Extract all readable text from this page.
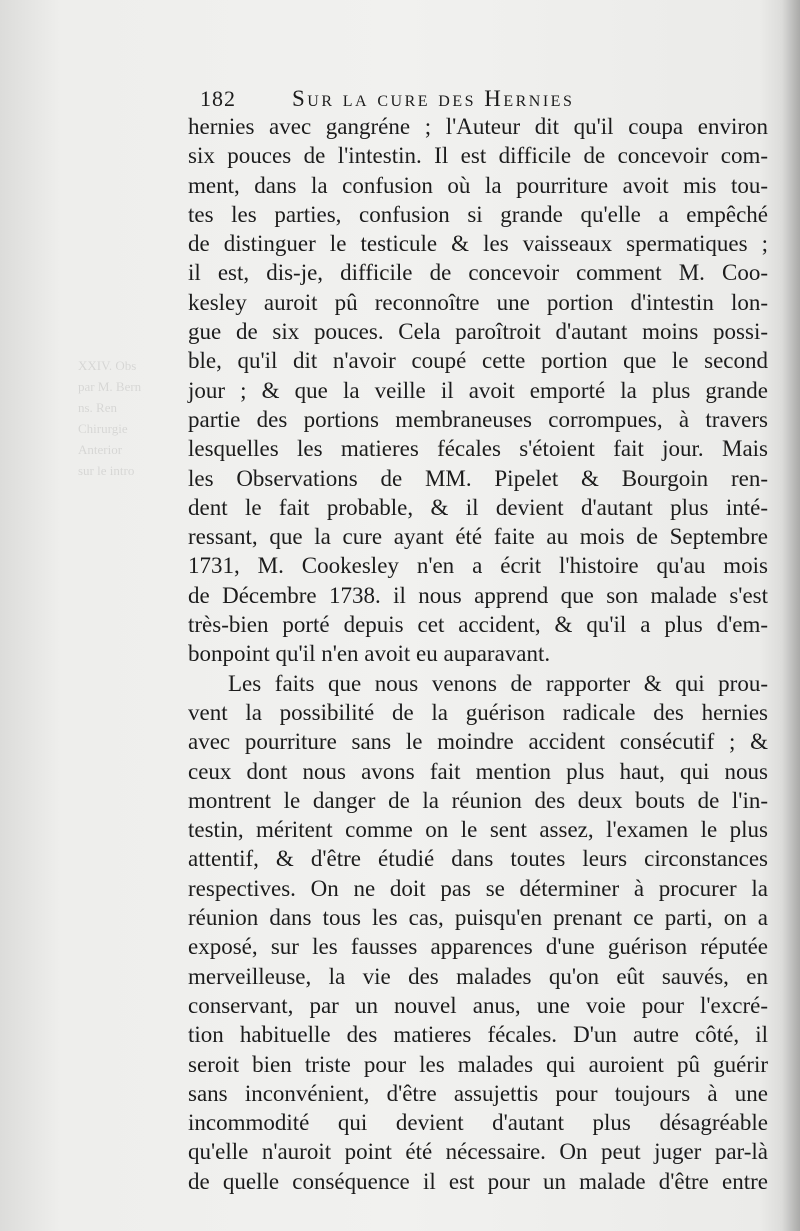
XXIV. Obs
par M. Bern
ns. Ren
Chirurgie
Anterior
sur le intro
182 Sur la cure des Hernies
hernies avec gangréne ; l'Auteur dit qu'il coupa environ
six pouces de l'intestin. Il est difficile de concevoir com-
ment, dans la confusion où la pourriture avoit mis tou-
tes les parties, confusion si grande qu'elle a empêché
de distinguer le testicule & les vaisseaux spermatiques ;
il est, dis-je, difficile de concevoir comment M. Coo-
kesley auroit pû reconnoître une portion d'intestin lon-
gue de six pouces. Cela paroîtroit d'autant moins possi-
ble, qu'il dit n'avoir coupé cette portion que le second
jour ; & que la veille il avoit emporté la plus grande
partie des portions membraneuses corrompues, à travers
lesquelles les matieres fécales s'étoient fait jour. Mais
les Observations de MM. Pipelet & Bourgoin ren-
dent le fait probable, & il devient d'autant plus inté-
ressant, que la cure ayant été faite au mois de Septembre
1731, M. Cookesley n'en a écrit l'histoire qu'au mois
de Décembre 1738. il nous apprend que son malade s'est
très-bien porté depuis cet accident, & qu'il a plus d'em-
bonpoint qu'il n'en avoit eu auparavant.
Les faits que nous venons de rapporter & qui prou-
vent la possibilité de la guérison radicale des hernies
avec pourriture sans le moindre accident consécutif ; &
ceux dont nous avons fait mention plus haut, qui nous
montrent le danger de la réunion des deux bouts de l'in-
testin, méritent comme on le sent assez, l'examen le plus
attentif, & d'être étudié dans toutes leurs circonstances
respectives. On ne doit pas se déterminer à procurer la
réunion dans tous les cas, puisqu'en prenant ce parti, on a
exposé, sur les fausses apparences d'une guérison réputée
merveilleuse, la vie des malades qu'on eût sauvés, en
conservant, par un nouvel anus, une voie pour l'excré-
tion habituelle des matieres fécales. D'un autre côté, il
seroit bien triste pour les malades qui auroient pû guérir
sans inconvénient, d'être assujettis pour toujours à une
incommodité qui devient d'autant plus désagréable
qu'elle n'auroit point été nécessaire. On peut juger par-là
de quelle conséquence il est pour un malade d'être entre
